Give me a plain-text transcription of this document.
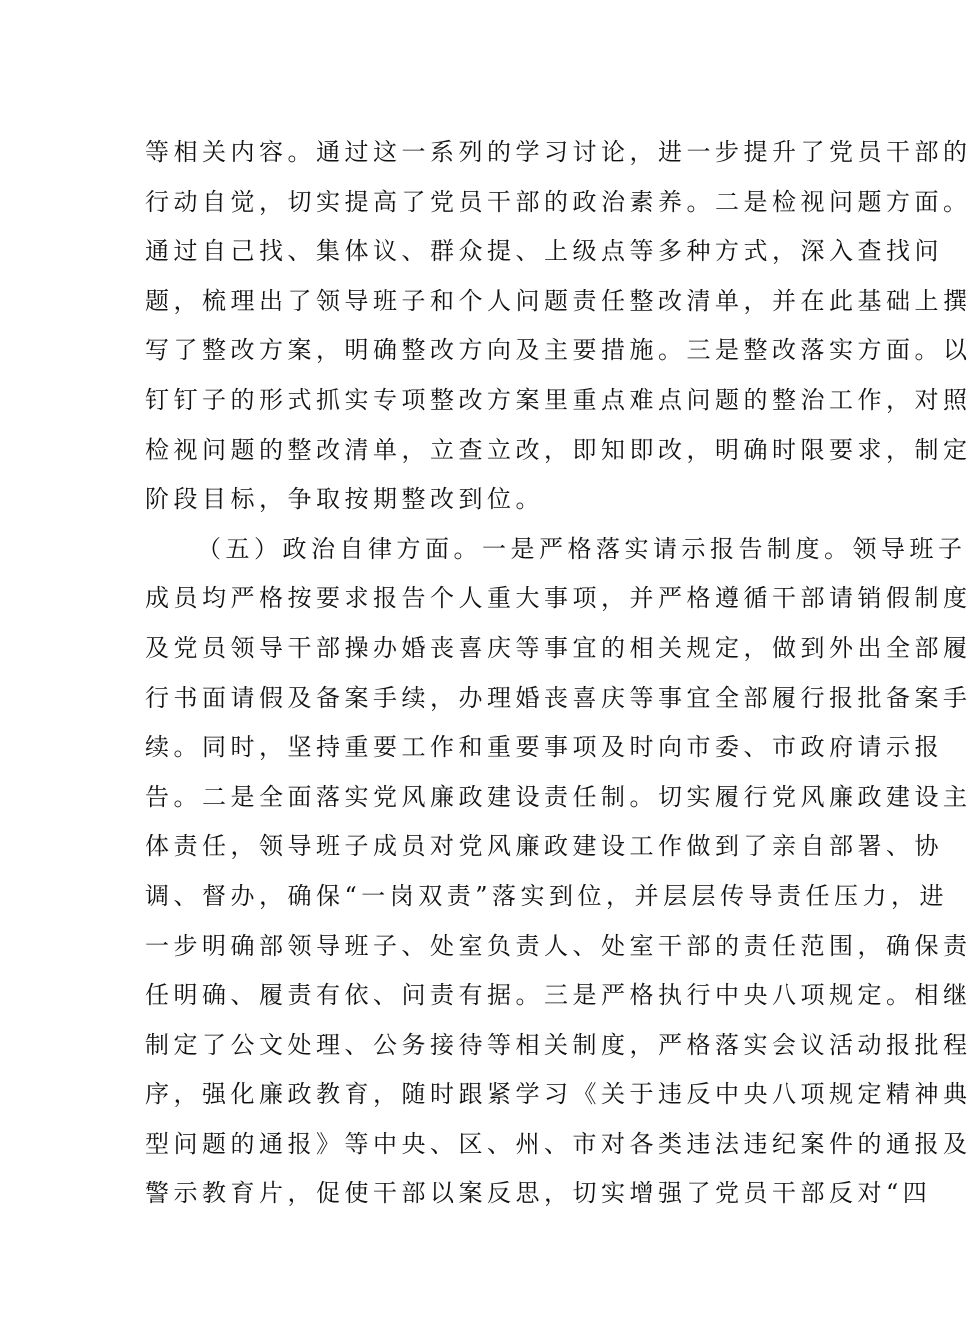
等相关内容。通过这一系列的学习讨论，进一步提升了党员干部的
行动自觉，切实提高了党员干部的政治素养。二是检视问题方面。
通过自己找、集体议、群众提、上级点等多种方式，深入查找问
题，梳理出了领导班子和个人问题责任整改清单，并在此基础上撰
写了整改方案，明确整改方向及主要措施。三是整改落实方面。以
钉钉子的形式抓实专项整改方案里重点难点问题的整治工作，对照
检视问题的整改清单，立查立改，即知即改，明确时限要求，制定
阶段目标，争取按期整改到位。
（五）政治自律方面。一是严格落实请示报告制度。领导班子
成员均严格按要求报告个人重大事项，并严格遵循干部请销假制度
及党员领导干部操办婚丧喜庆等事宜的相关规定，做到外出全部履
行书面请假及备案手续，办理婚丧喜庆等事宜全部履行报批备案手
续。同时，坚持重要工作和重要事项及时向市委、市政府请示报
告。二是全面落实党风廉政建设责任制。切实履行党风廉政建设主
体责任，领导班子成员对党风廉政建设工作做到了亲自部署、协
调、督办，确保“一岗双责”落实到位，并层层传导责任压力，进
一步明确部领导班子、处室负责人、处室干部的责任范围，确保责
任明确、履责有依、问责有据。三是严格执行中央八项规定。相继
制定了公文处理、公务接待等相关制度，严格落实会议活动报批程
序，强化廉政教育，随时跟紧学习《关于违反中央八项规定精神典
型问题的通报》等中央、区、州、市对各类违法违纪案件的通报及
警示教育片，促使干部以案反思，切实增强了党员干部反对“四
